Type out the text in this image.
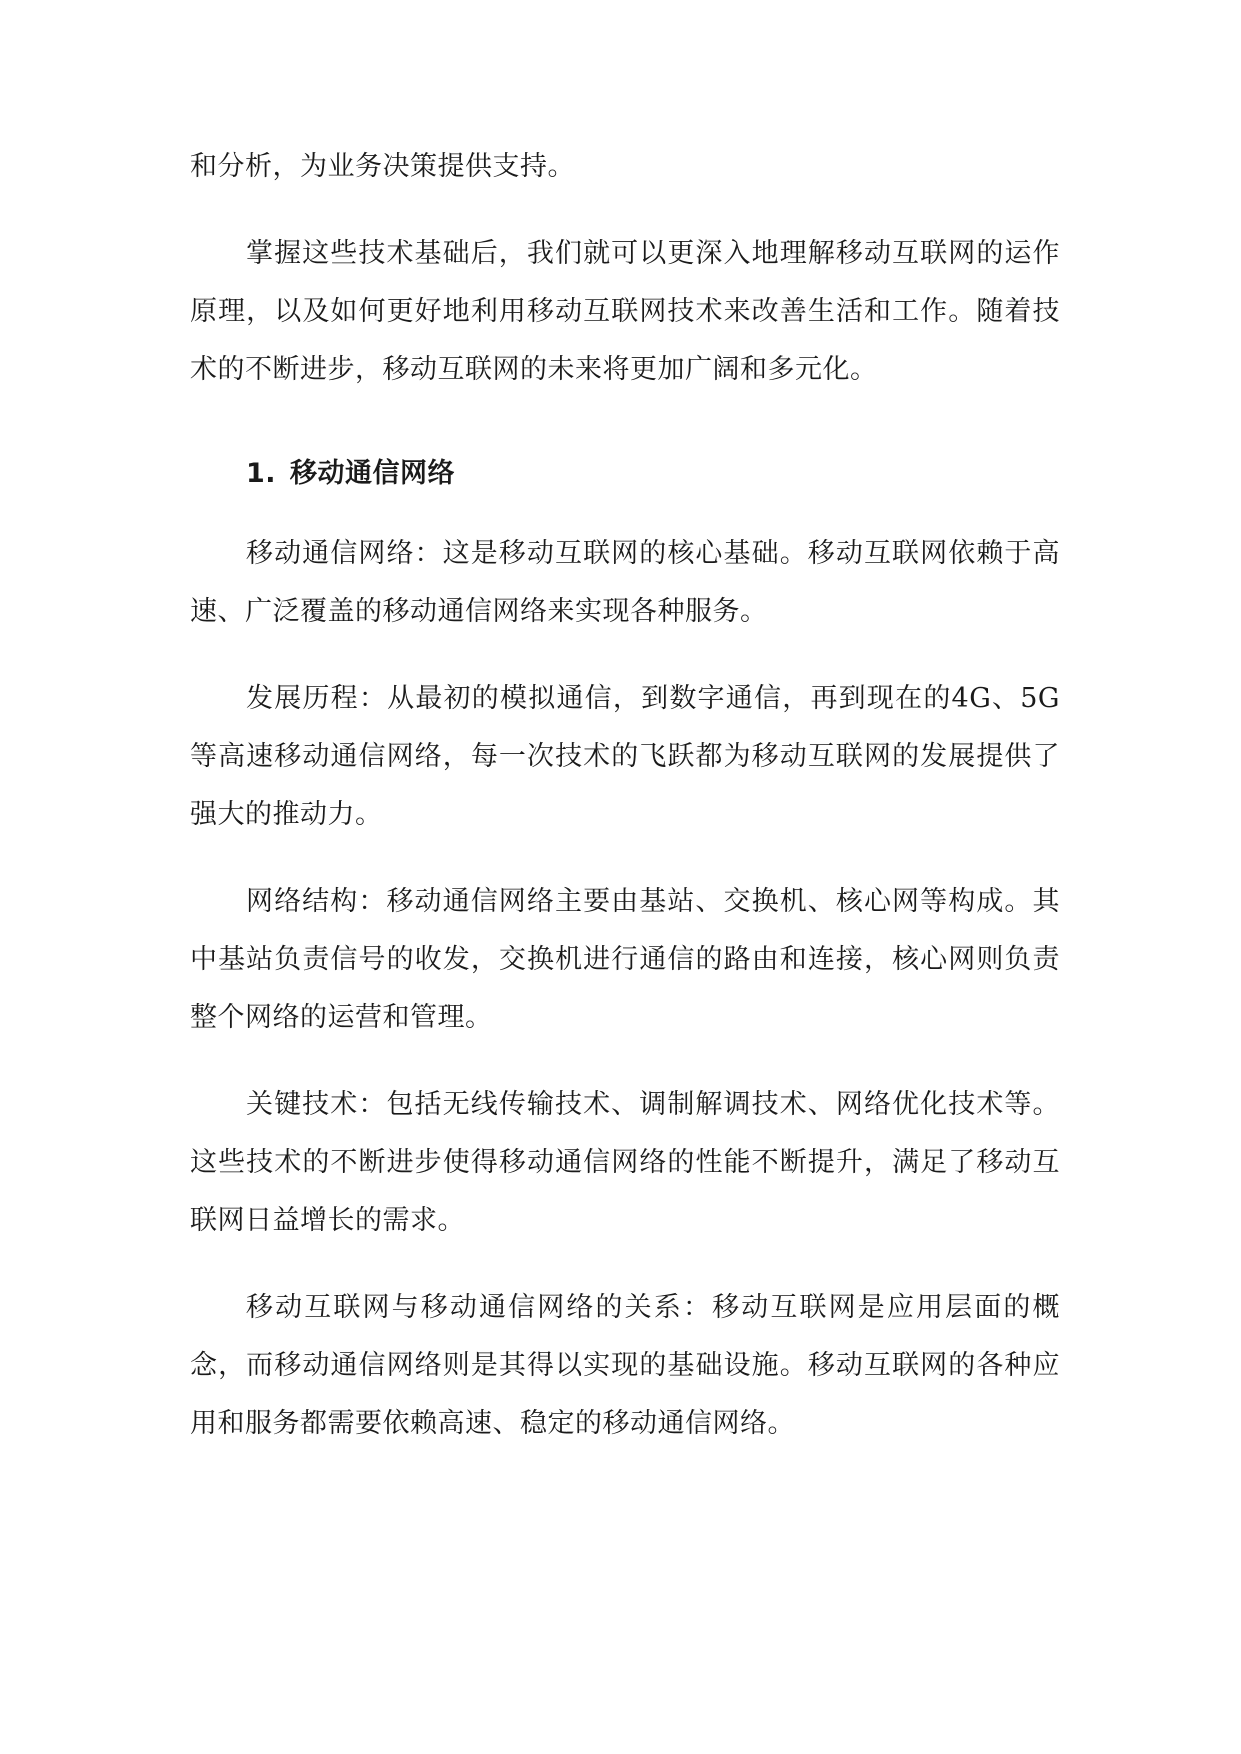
和分析，为业务决策提供支持。

掌握这些技术基础后，我们就可以更深入地理解移动互联网的运作原理，以及如何更好地利用移动互联网技术来改善生活和工作。随着技术的不断进步，移动互联网的未来将更加广阔和多元化。

1. 移动通信网络

移动通信网络：这是移动互联网的核心基础。移动互联网依赖于高速、广泛覆盖的移动通信网络来实现各种服务。

发展历程：从最初的模拟通信，到数字通信，再到现在的4G、5G等高速移动通信网络，每一次技术的飞跃都为移动互联网的发展提供了强大的推动力。

网络结构：移动通信网络主要由基站、交换机、核心网等构成。其中基站负责信号的收发，交换机进行通信的路由和连接，核心网则负责整个网络的运营和管理。

关键技术：包括无线传输技术、调制解调技术、网络优化技术等。这些技术的不断进步使得移动通信网络的性能不断提升，满足了移动互联网日益增长的需求。

移动互联网与移动通信网络的关系：移动互联网是应用层面的概念，而移动通信网络则是其得以实现的基础设施。移动互联网的各种应用和服务都需要依赖高速、稳定的移动通信网络。
